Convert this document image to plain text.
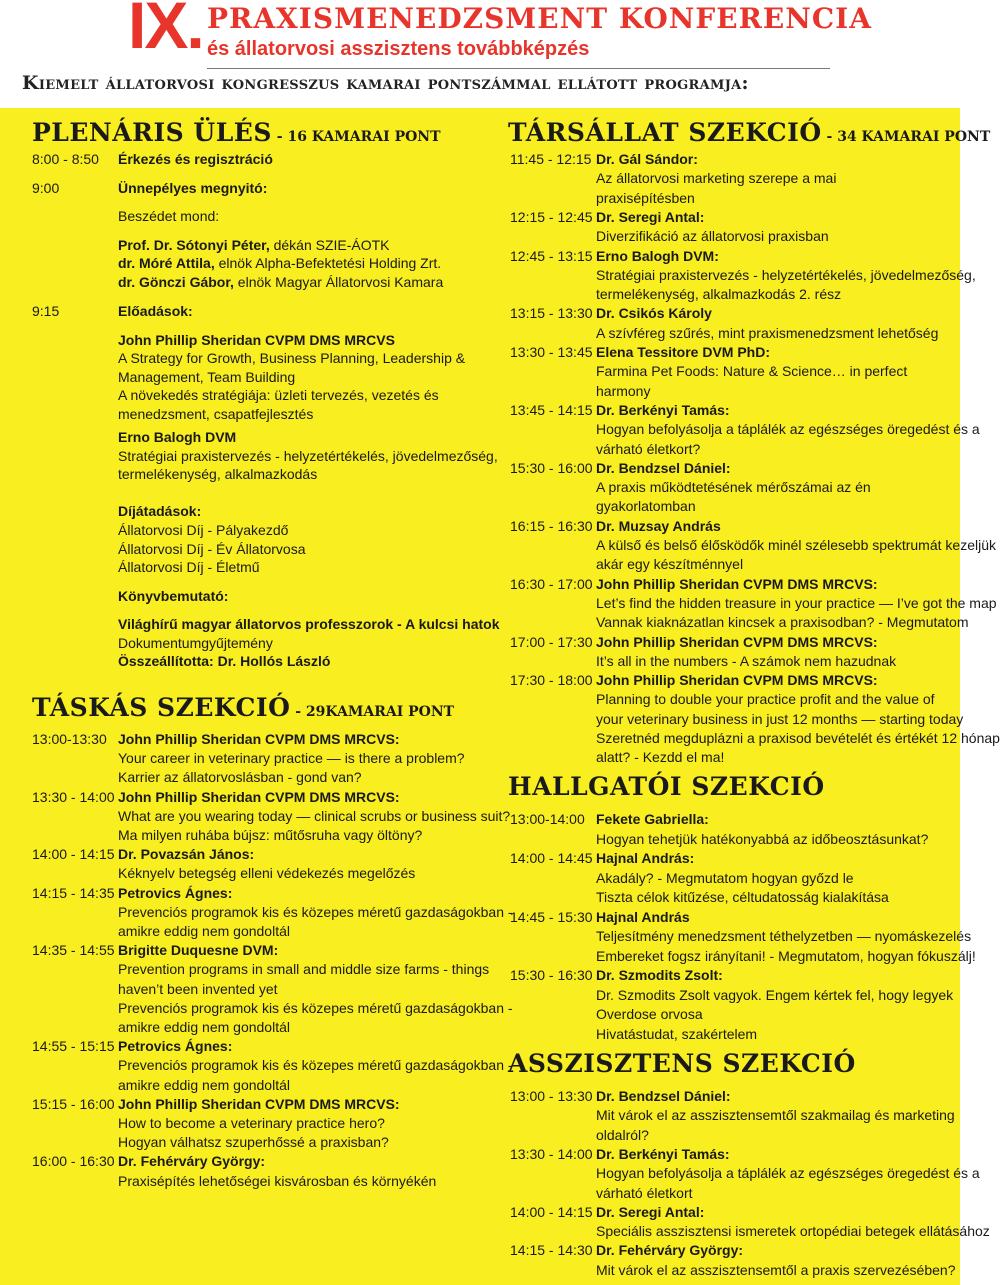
IX. PRAXISMENEDZSMENT KONFERENCIA
és állatorvosi asszisztens továbbképzés
Kiemelt állatorvosi kongresszus kamarai pontszámmal ellátott programja:
PLENÁRIS ÜLÉS - 16 KAMARAI PONT
8:00 - 8:50 Érkezés és regisztráció
9:00	Ünnepélyes megnyitó:
Beszédet mond:
Prof. Dr. Sótonyi Péter, dékán SZIE-ÁOTK
dr. Móré Attila, elnök Alpha-Befektetési Holding Zrt.
dr. Gönczi Gábor, elnök Magyar Állatorvosi Kamara
9:15	Előadások:
John Phillip Sheridan CVPM DMS MRCVS
A Strategy for Growth, Business Planning, Leadership &
Management, Team Building
A növekedés stratégiája: üzleti tervezés, vezetés és
menedzsment, csapatfejlesztés
Erno Balogh DVM
Stratégiai praxistervezés - helyzetértékelés, jövedelmezőség,
termelékenység, alkalmazkodás
Díjátadások:
Állatorvosi Díj - Pályakezdő
Állatorvosi Díj - Év Állatorvosa
Állatorvosi Díj - Életmű
Könyvbemutató:
Világhírű magyar állatorvos professzorok - A kulcsi hatok
Dokumentumgyűjtemény
Összeállította: Dr. Hollós László
TÁSKÁS SZEKCIÓ - 29KAMARAI PONT
13:00-13:30 John Phillip Sheridan CVPM DMS MRCVS:
Your career in veterinary practice — is there a problem?
Karrier az állatorvoslásban - gond van?
13:30 - 14:00 John Phillip Sheridan CVPM DMS MRCVS:
What are you wearing today — clinical scrubs or business suit?
Ma milyen ruhába bújsz: műtősruha vagy öltöny?
14:00 - 14:15 Dr. Povazsán János:
Kéknyelv betegség elleni védekezés megelőzés
14:15 - 14:35 Petrovics Ágnes:
Prevenciós programok kis és közepes méretű gazdaságokban -
amikre eddig nem gondoltál
14:35 - 14:55 Brigitte Duquesne DVM:
Prevention programs in small and middle size farms - things
haven’t been invented yet
Prevenciós programok kis és közepes méretű gazdaságokban -
amikre eddig nem gondoltál
14:55 - 15:15 Petrovics Ágnes:
Prevenciós programok kis és közepes méretű gazdaságokban -
amikre eddig nem gondoltál
15:15 - 16:00 John Phillip Sheridan CVPM DMS MRCVS:
How to become a veterinary practice hero?
Hogyan válhatsz szuperhőssé a praxisban?
16:00 - 16:30 Dr. Fehérváry György:
Praxisépítés lehetőségei kisvárosban és környékén
TÁRSÁLLAT SZEKCIÓ - 34 KAMARAI PONT
11:45 - 12:15 Dr. Gál Sándor:
Az állatorvosi marketing szerepe a mai
praxisépítésben
12:15 - 12:45 Dr. Seregi Antal:
Diverzifikáció az állatorvosi praxisban
12:45 - 13:15 Erno Balogh DVM:
Stratégiai praxistervezés - helyzetértékelés, jövedelmezőség,
termelékenység, alkalmazkodás 2. rész
13:15 - 13:30 Dr. Csikós Károly
A szívféreg szűrés, mint praxismenedzsment lehetőség
13:30 - 13:45 Elena Tessitore DVM PhD:
Farmina Pet Foods: Nature & Science… in perfect
harmony
13:45 - 14:15 Dr. Berkényi Tamás:
Hogyan befolyásolja a táplálék az egészséges öregedést és a
várható életkort?
15:30 - 16:00 Dr. Bendzsel Dániel:
A praxis működtetésének mérőszámai az én
gyakorlatomban
16:15 - 16:30 Dr. Muzsay András
A külső és belső élősködők minél szélesebb spektrumát kezeljük
akár egy készítménnyel
16:30 - 17:00 John Phillip Sheridan CVPM DMS MRCVS:
Let’s find the hidden treasure in your practice — I’ve got the map
Vannak kiaknázatlan kincsek a praxisodban? - Megmutatom
17:00 - 17:30 John Phillip Sheridan CVPM DMS MRCVS:
It’s all in the numbers - A számok nem hazudnak
17:30 - 18:00 John Phillip Sheridan CVPM DMS MRCVS:
Planning to double your practice profit and the value of
your veterinary business in just 12 months — starting today
Szeretnéd megduplázni a praxisod bevételét és értékét 12 hónap
alatt? - Kezdd el ma!
HALLGATÓI SZEKCIÓ
13:00-14:00 Fekete Gabriella:
Hogyan tehetjük hatékonyabbá az időbeosztásunkat?
14:00 - 14:45 Hajnal András:
Akadály? - Megmutatom hogyan győzd le
Tiszta célok kitűzése, céltudatosság kialakítása
14:45 - 15:30 Hajnal András
Teljesítmény menedzsment téthelyzetben — nyomáskezelés
Embereket fogsz irányítani! - Megmutatom, hogyan fókuszálj!
15:30 - 16:30 Dr. Szmodits Zsolt:
Dr. Szmodits Zsolt vagyok. Engem kértek fel, hogy legyek
Overdose orvosa
Hivatástudat, szakértelem
ASSZISZTENS SZEKCIÓ
13:00 - 13:30 Dr. Bendzsel Dániel:
Mit várok el az asszisztensemtől szakmailag és marketing
oldalról?
13:30 - 14:00 Dr. Berkényi Tamás:
Hogyan befolyásolja a táplálék az egészséges öregedést és a
várható életkort
14:00 - 14:15 Dr. Seregi Antal:
Speciális asszisztensi ismeretek ortopédiai betegek ellátásához
14:15 - 14:30 Dr. Fehérváry György:
Mit várok el az asszisztensemtől a praxis szervezésében?
